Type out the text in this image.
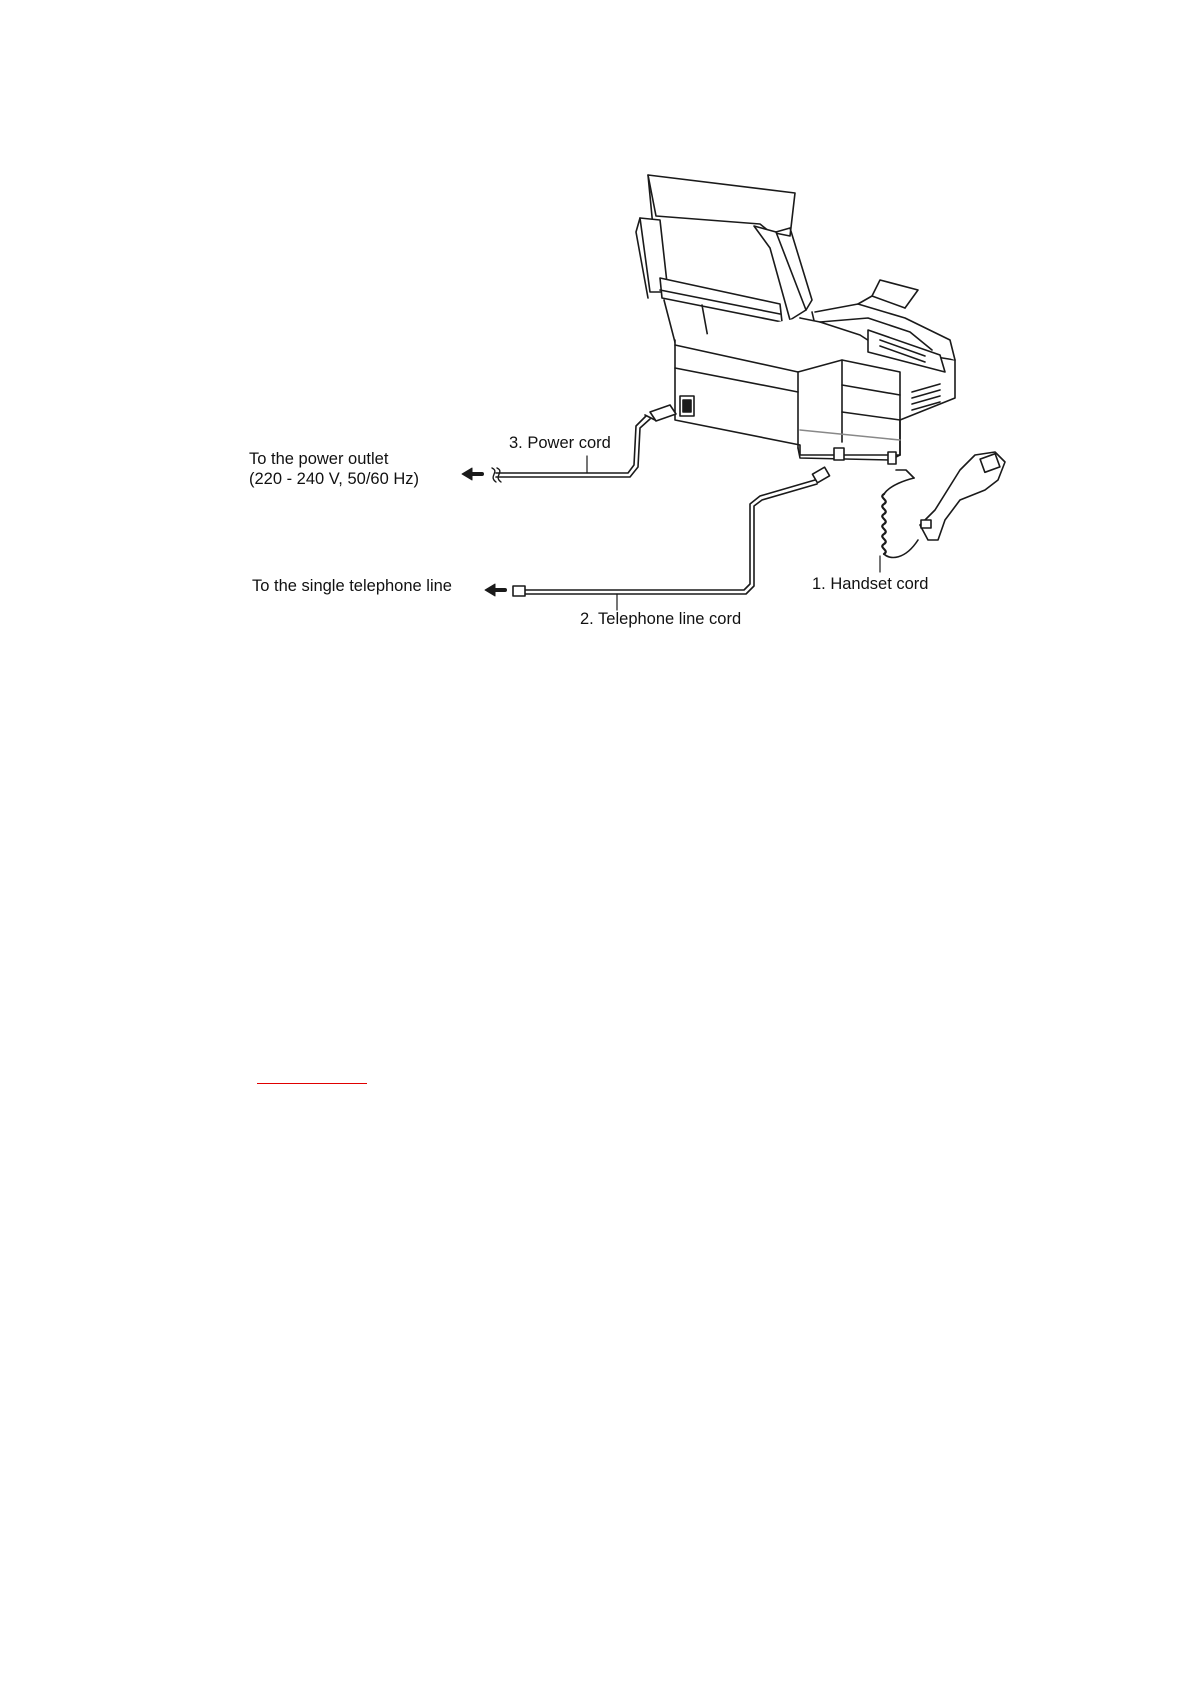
To the power outlet
(220 - 240 V, 50/60 Hz)
3. Power cord
To the single telephone line
2. Telephone line cord
1. Handset cord
